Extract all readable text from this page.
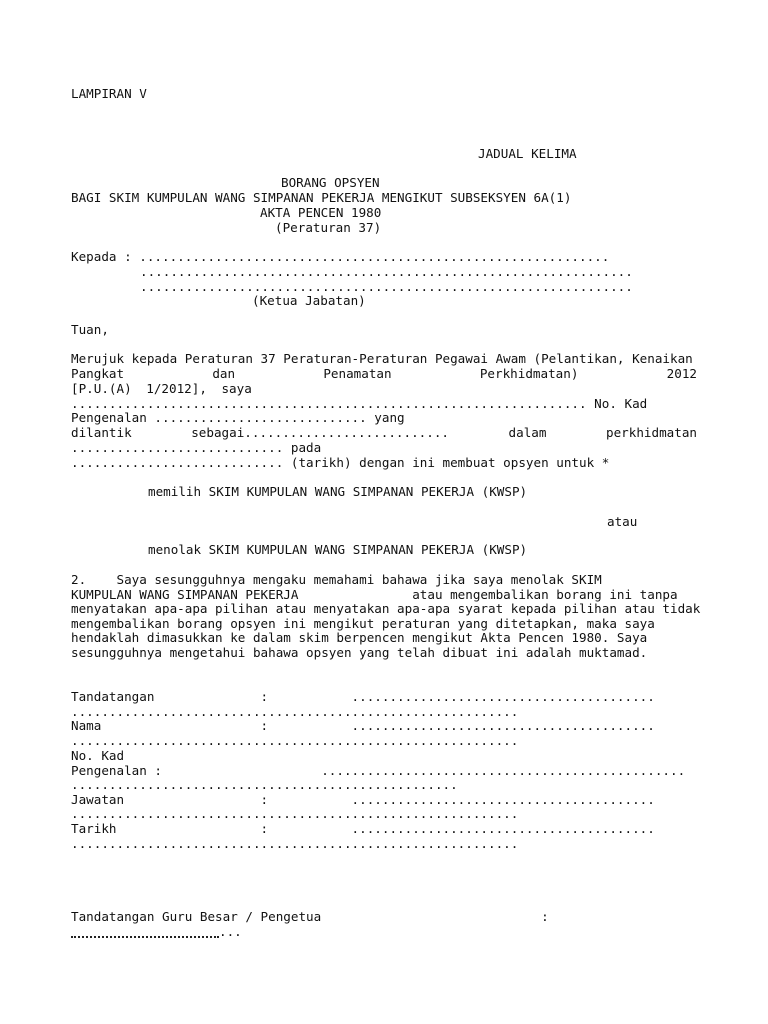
LAMPIRAN V
JADUAL KELIMA
BORANG OPSYEN
BAGI SKIM KUMPULAN WANG SIMPANAN PEKERJA MENGIKUT SUBSEKSYEN 6A(1)
AKTA PENCEN 1980
(Peraturan 37)
Kepada : ..............................................................
.................................................................
.................................................................
(Ketua Jabatan)
Tuan,
Merujuk kepada Peraturan 37 Peraturan-Peraturan Pegawai Awam (Pelantikan, Kenaikan
Pangkat dan Penamatan Perkhidmatan) 2012
[P.U.(A) 1/2012], saya
.................................................................... No. Kad
Pengenalan ............................ yang
dilantik sebagai........................... dalam perkhidmatan
............................ pada
............................ (tarikh) dengan ini membuat opsyen untuk *
memilih SKIM KUMPULAN WANG SIMPANAN PEKERJA (KWSP)
atau
menolak SKIM KUMPULAN WANG SIMPANAN PEKERJA (KWSP)
2.    Saya sesungguhnya mengaku memahami bahawa jika saya menolak SKIM
KUMPULAN WANG SIMPANAN PEKERJA               atau mengembalikan borang ini tanpa
menyatakan apa-apa pilihan atau menyatakan apa-apa syarat kepada pilihan atau tidak
mengembalikan borang opsyen ini mengikut peraturan yang ditetapkan, maka saya
hendaklah dimasukkan ke dalam skim berpencen mengikut Akta Pencen 1980. Saya
sesungguhnya mengetahui bahawa opsyen yang telah dibuat ini adalah muktamad.
Tandatangan              :           ........................................
...........................................................
Nama                     :           ........................................
...........................................................
No. Kad
Pengenalan :                     ................................................
...................................................
Jawatan                  :           ........................................
...........................................................
Tarikh                   :           ........................................
...........................................................
Tandatangan Guru Besar / Pengetua                             :
...
